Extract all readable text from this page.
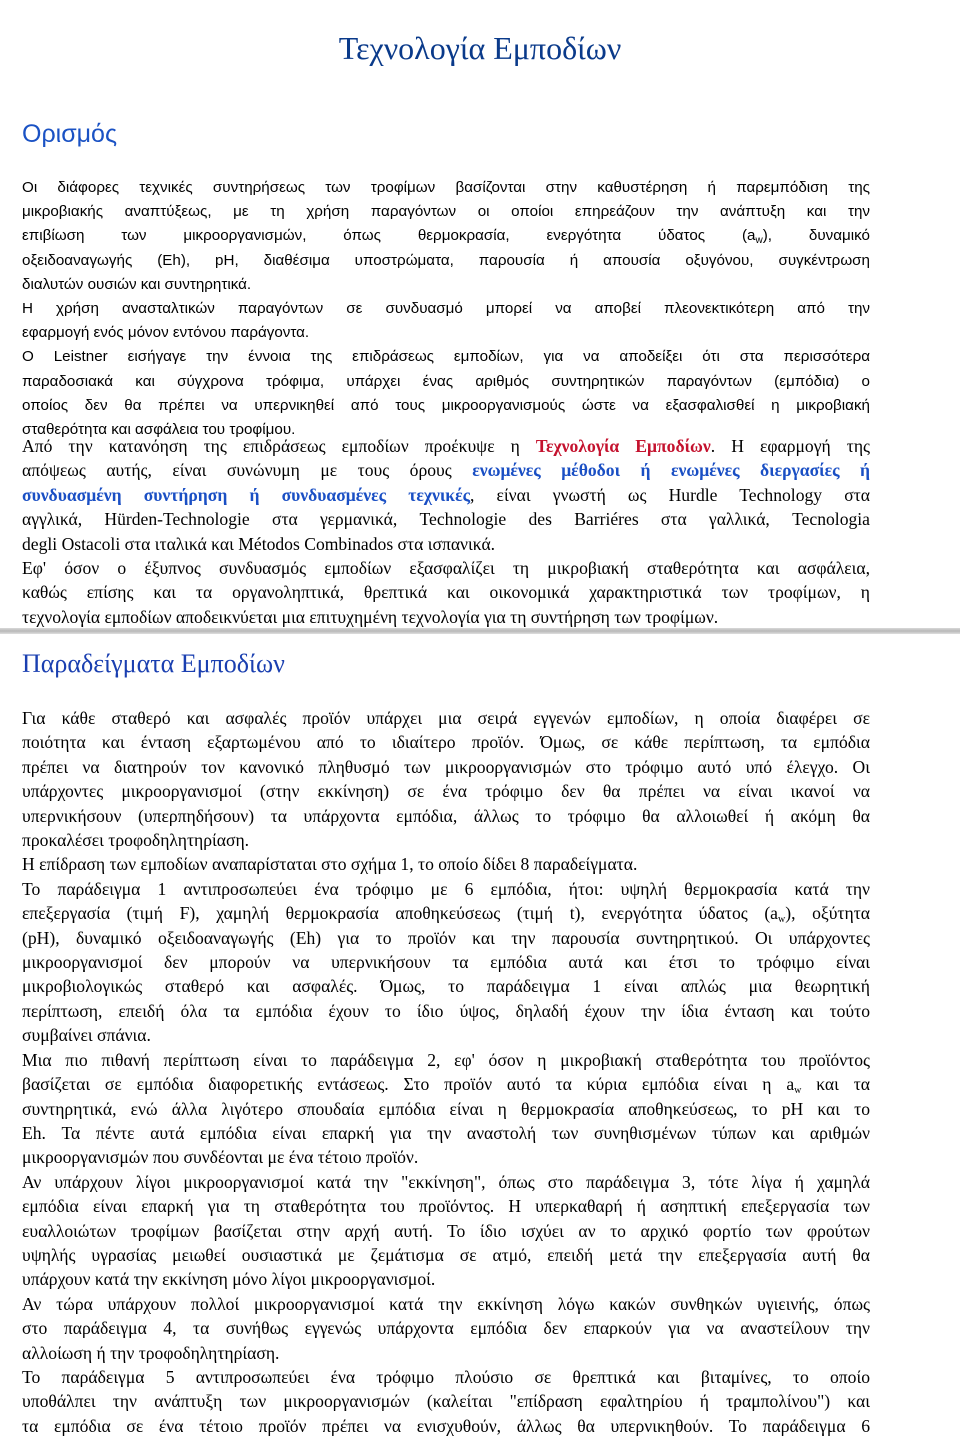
Τεχνολογία Εμποδίων
Ορισμός
Οι διάφορες τεχνικές συντηρήσεως των τροφίμων βασίζονται στην καθυστέρηση ή παρεμπόδιση της
μικροβιακής αναπτύξεως, με τη χρήση παραγόντων οι οποίοι επηρεάζουν την ανάπτυξη και την
επιβίωση των μικροοργανισμών, όπως θερμοκρασία, ενεργότητα ύδατος $(a_w)$, δυναμικό
οξειδοαναγωγής (Eh), pH, διαθέσιμα υποστρώματα, παρουσία ή απουσία οξυγόνου, συγκέντρωση
διαλυτών ουσιών και συντηρητικά.
Η χρήση ανασταλτικών παραγόντων σε συνδυασμό μπορεί να αποβεί πλεονεκτικότερη από την
εφαρμογή ενός μόνον εντόνου παράγοντα.
Ο Leistner εισήγαγε την έννοια της επιδράσεως εμποδίων, για να αποδείξει ότι στα περισσότερα
παραδοσιακά και σύγχρονα τρόφιμα, υπάρχει ένας αριθμός συντηρητικών παραγόντων (εμπόδια) ο
οποίος δεν θα πρέπει να υπερνικηθεί από τους μικροοργανισμούς ώστε να εξασφαλισθεί η μικροβιακή
σταθερότητα και ασφάλεια του τροφίμου.
Από την κατανόηση της επιδράσεως εμποδίων προέκυψε η Τεχνολογία Εμποδίων. Η εφαρμογή της
απόψεως αυτής, είναι συνώνυμη με τους όρους ενωμένες μέθοδοι ή ενωμένες διεργασίες ή
συνδυασμένη συντήρηση ή συνδυασμένες τεχνικές, είναι γνωστή ως Hurdle Technology στα
αγγλικά, Hürden-Technologie στα γερμανικά, Technologie des Barriéres στα γαλλικά, Tecnologia
degli Ostacoli στα ιταλικά και Métodos Combinados στα ισπανικά.
Εφ' όσον ο έξυπνος συνδυασμός εμποδίων εξασφαλίζει τη μικροβιακή σταθερότητα και ασφάλεια,
καθώς επίσης και τα οργανοληπτικά, θρεπτικά και οικονομικά χαρακτηριστικά των τροφίμων, η
τεχνολογία εμποδίων αποδεικνύεται μια επιτυχημένη τεχνολογία για τη συντήρηση των τροφίμων.
Παραδείγματα Εμποδίων
Για κάθε σταθερό και ασφαλές προϊόν υπάρχει μια σειρά εγγενών εμποδίων, η οποία διαφέρει σε
ποιότητα και ένταση εξαρτωμένου από το ιδιαίτερο προϊόν. Όμως, σε κάθε περίπτωση, τα εμπόδια
πρέπει να διατηρούν τον κανονικό πληθυσμό των μικροοργανισμών στο τρόφιμο αυτό υπό έλεγχο. Οι
υπάρχοντες μικροοργανισμοί (στην εκκίνηση) σε ένα τρόφιμο δεν θα πρέπει να είναι ικανοί να
υπερνικήσουν (υπερπηδήσουν) τα υπάρχοντα εμπόδια, άλλως το τρόφιμο θα αλλοιωθεί ή ακόμη θα
προκαλέσει τροφοδηλητηρίαση.
Η επίδραση των εμποδίων αναπαρίσταται στο σχήμα 1, το οποίο δίδει 8 παραδείγματα.
Το παράδειγμα 1 αντιπροσωπεύει ένα τρόφιμο με 6 εμπόδια, ήτοι: υψηλή θερμοκρασία κατά την
επεξεργασία (τιμή F), χαμηλή θερμοκρασία αποθηκεύσεως (τιμή t), ενεργότητα ύδατος $(a_w)$, οξύτητα
(pH), δυναμικό οξειδοαναγωγής (Eh) για το προϊόν και την παρουσία συντηρητικού. Οι υπάρχοντες
μικροοργανισμοί δεν μπορούν να υπερνικήσουν τα εμπόδια αυτά και έτσι το τρόφιμο είναι
μικροβιολογικώς σταθερό και ασφαλές. Όμως, το παράδειγμα 1 είναι απλώς μια θεωρητική
περίπτωση, επειδή όλα τα εμπόδια έχουν το ίδιο ύψος, δηλαδή έχουν την ίδια ένταση και τούτο
συμβαίνει σπάνια.
Μια πιο πιθανή περίπτωση είναι το παράδειγμα 2, εφ' όσον η μικροβιακή σταθερότητα του προϊόντος
βασίζεται σε εμπόδια διαφορετικής εντάσεως. Στο προϊόν αυτό τα κύρια εμπόδια είναι η $a_w$ και τα
συντηρητικά, ενώ άλλα λιγότερο σπουδαία εμπόδια είναι η θερμοκρασία αποθηκεύσεως, το pH και το
Eh. Τα πέντε αυτά εμπόδια είναι επαρκή για την αναστολή των συνηθισμένων τύπων και αριθμών
μικροοργανισμών που συνδέονται με ένα τέτοιο προϊόν.
Αν υπάρχουν λίγοι μικροοργανισμοί κατά την "εκκίνηση", όπως στο παράδειγμα 3, τότε λίγα ή χαμηλά
εμπόδια είναι επαρκή για τη σταθερότητα του προϊόντος. Η υπερκαθαρή ή ασηπτική επεξεργασία των
ευαλλοιώτων τροφίμων βασίζεται στην αρχή αυτή. Το ίδιο ισχύει αν το αρχικό φορτίο των φρούτων
υψηλής υγρασίας μειωθεί ουσιαστικά με ζεμάτισμα σε ατμό, επειδή μετά την επεξεργασία αυτή θα
υπάρχουν κατά την εκκίνηση μόνο λίγοι μικροοργανισμοί.
Αν τώρα υπάρχουν πολλοί μικροοργανισμοί κατά την εκκίνηση λόγω κακών συνθηκών υγιεινής, όπως
στο παράδειγμα 4, τα συνήθως εγγενώς υπάρχοντα εμπόδια δεν επαρκούν για να αναστείλουν την
αλλοίωση ή την τροφοδηλητηρίαση.
Το παράδειγμα 5 αντιπροσωπεύει ένα τρόφιμο πλούσιο σε θρεπτικά και βιταμίνες, το οποίο
υποθάλπει την ανάπτυξη των μικροοργανισμών (καλείται "επίδραση εφαλτηρίου ή τραμπολίνου") και
τα εμπόδια σε ένα τέτοιο προϊόν πρέπει να ενισχυθούν, άλλως θα υπερνικηθούν. Το παράδειγμα 6
